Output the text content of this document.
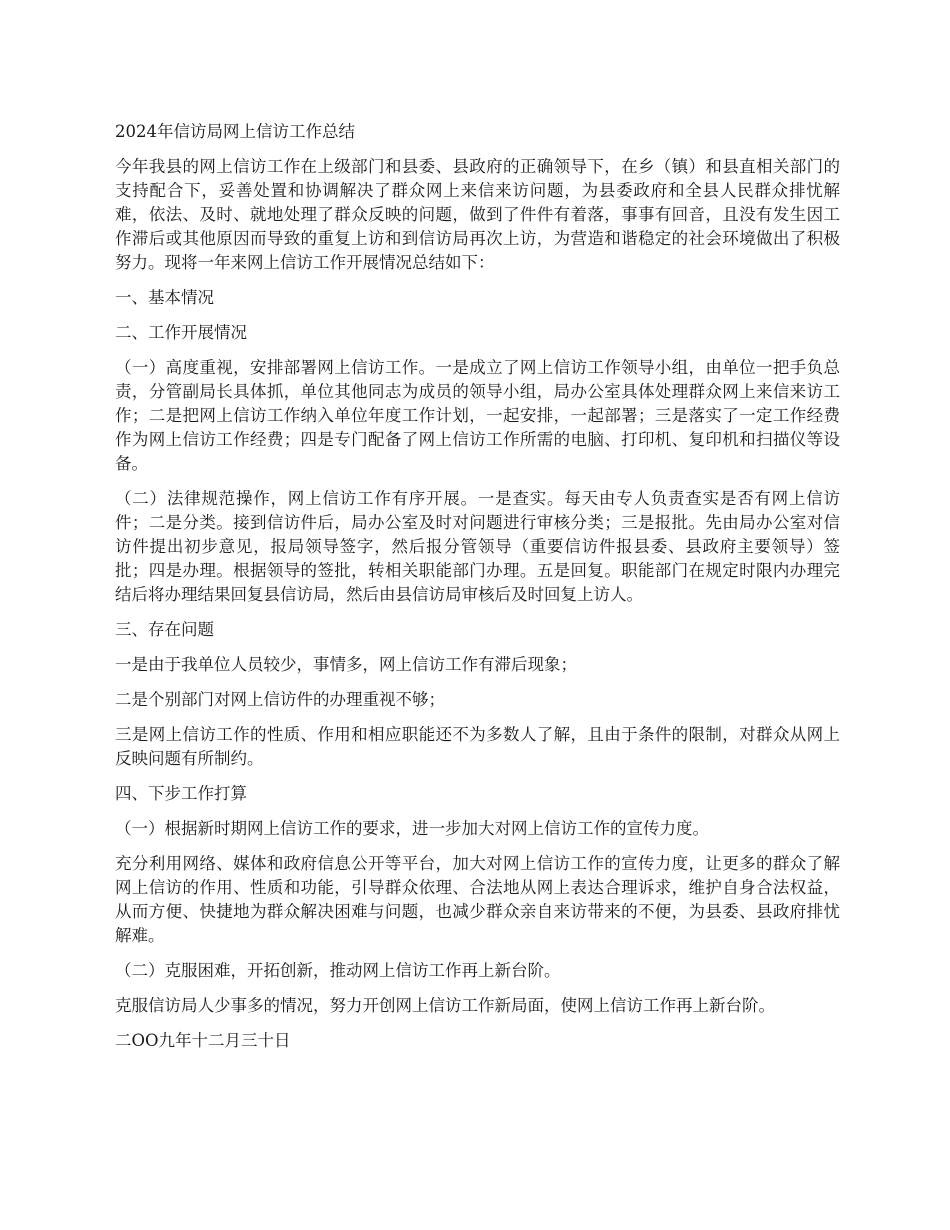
2024年信访局网上信访工作总结

今年我县的网上信访工作在上级部门和县委、县政府的正确领导下，在乡（镇）和县直相关部门的支持配合下，妥善处置和协调解决了群众网上来信来访问题，为县委政府和全县人民群众排忧解难，依法、及时、就地处理了群众反映的问题，做到了件件有着落，事事有回音，且没有发生因工作滞后或其他原因而导致的重复上访和到信访局再次上访，为营造和谐稳定的社会环境做出了积极努力。现将一年来网上信访工作开展情况总结如下：

一、基本情况

二、工作开展情况

（一）高度重视，安排部署网上信访工作。一是成立了网上信访工作领导小组，由单位一把手负总责，分管副局长具体抓，单位其他同志为成员的领导小组，局办公室具体处理群众网上来信来访工作；二是把网上信访工作纳入单位年度工作计划，一起安排，一起部署；三是落实了一定工作经费作为网上信访工作经费；四是专门配备了网上信访工作所需的电脑、打印机、复印机和扫描仪等设备。

（二）法律规范操作，网上信访工作有序开展。一是查实。每天由专人负责查实是否有网上信访件；二是分类。接到信访件后，局办公室及时对问题进行审核分类；三是报批。先由局办公室对信访件提出初步意见，报局领导签字，然后报分管领导（重要信访件报县委、县政府主要领导）签批；四是办理。根据领导的签批，转相关职能部门办理。五是回复。职能部门在规定时限内办理完结后将办理结果回复县信访局，然后由县信访局审核后及时回复上访人。

三、存在问题

一是由于我单位人员较少，事情多，网上信访工作有滞后现象；

二是个别部门对网上信访件的办理重视不够；

三是网上信访工作的性质、作用和相应职能还不为多数人了解，且由于条件的限制，对群众从网上反映问题有所制约。

四、下步工作打算

（一）根据新时期网上信访工作的要求，进一步加大对网上信访工作的宣传力度。

充分利用网络、媒体和政府信息公开等平台，加大对网上信访工作的宣传力度，让更多的群众了解网上信访的作用、性质和功能，引导群众依理、合法地从网上表达合理诉求，维护自身合法权益，从而方便、快捷地为群众解决困难与问题，也减少群众亲自来访带来的不便，为县委、县政府排忧解难。

（二）克服困难，开拓创新，推动网上信访工作再上新台阶。

克服信访局人少事多的情况，努力开创网上信访工作新局面，使网上信访工作再上新台阶。

二OO九年十二月三十日
